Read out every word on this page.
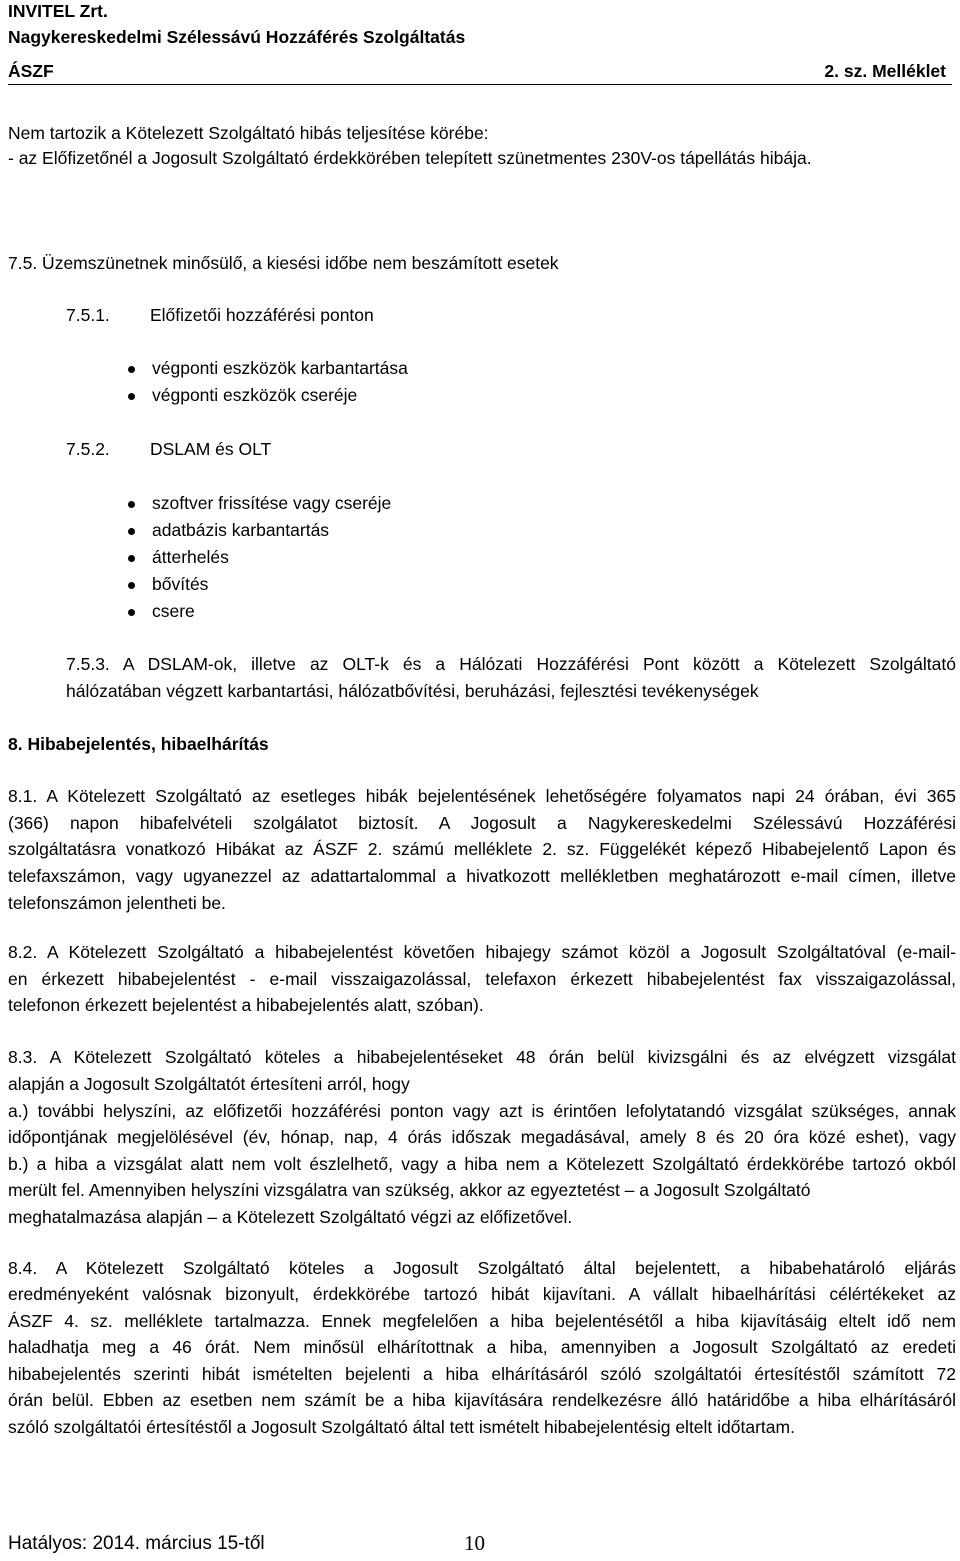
INVITEL Zrt.
Nagykereskedelmi Szélessávú Hozzáférés Szolgáltatás
ÁSZF	2. sz. Melléklet
Nem tartozik a Kötelezett Szolgáltató hibás teljesítése körébe:
- az Előfizetőnél a Jogosult Szolgáltató érdekkörében telepített szünetmentes 230V-os tápellátás hibája.
7.5. Üzemszünetnek minősülő, a kiesési időbe nem beszámított esetek
7.5.1. Előfizetői hozzáférési ponton
végponti eszközök karbantartása
végponti eszközök cseréje
7.5.2. DSLAM és OLT
szoftver frissítése vagy cseréje
adatbázis karbantartás
átterhelés
bővítés
csere
7.5.3. A DSLAM-ok, illetve az OLT-k és a Hálózati Hozzáférési Pont között a Kötelezett Szolgáltató
hálózatában végzett karbantartási, hálózatbővítési, beruházási, fejlesztési tevékenységek
8. Hibabejelentés, hibaelhárítás
8.1. A Kötelezett Szolgáltató az esetleges hibák bejelentésének lehetőségére folyamatos napi 24 órában, évi 365
(366) napon hibafelvételi szolgálatot biztosít. A Jogosult a Nagykereskedelmi Szélessávú Hozzáférési
szolgáltatásra vonatkozó Hibákat az ÁSZF 2. számú melléklete 2. sz. Függelékét képező Hibabejelentő Lapon és
telefaxszámon, vagy ugyanezzel az adattartalommal a hivatkozott mellékletben meghatározott e-mail címen, illetve
telefonszámon jelentheti be.
8.2. A Kötelezett Szolgáltató a hibabejelentést követően hibajegy számot közöl a Jogosult Szolgáltatóval (e-mail-
en érkezett hibabejelentést - e-mail visszaigazolással, telefaxon érkezett hibabejelentést fax visszaigazolással,
telefonon érkezett bejelentést a hibabejelentés alatt, szóban).
8.3. A Kötelezett Szolgáltató köteles a hibabejelentéseket 48 órán belül kivizsgálni és az elvégzett vizsgálat
alapján a Jogosult Szolgáltatót értesíteni arról, hogy
a.) további helyszíni, az előfizetői hozzáférési ponton vagy azt is érintően lefolytatandó vizsgálat szükséges, annak
időpontjának megjelölésével (év, hónap, nap, 4 órás időszak megadásával, amely 8 és 20 óra közé eshet), vagy
b.) a hiba a vizsgálat alatt nem volt észlelhető, vagy a hiba nem a Kötelezett Szolgáltató érdekkörébe tartozó okból
merült fel. Amennyiben helyszíni vizsgálatra van szükség, akkor az egyeztetést – a Jogosult Szolgáltató
meghatalmazása alapján – a Kötelezett Szolgáltató végzi az előfizetővel.
8.4. A Kötelezett Szolgáltató köteles a Jogosult Szolgáltató által bejelentett, a hibabehatároló eljárás
eredményeként valósnak bizonyult, érdekkörébe tartozó hibát kijavítani. A vállalt hibaelhárítási célértékeket az
ÁSZF 4. sz. melléklete tartalmazza. Ennek megfelelően a hiba bejelentésétől a hiba kijavításáig eltelt idő nem
haladhatja meg a 46 órát. Nem minősül elhárítottnak a hiba, amennyiben a Jogosult Szolgáltató az eredeti
hibabejelentés szerinti hibát ismételten bejelenti a hiba elhárításáról szóló szolgáltatói értesítéstől számított 72
órán belül. Ebben az esetben nem számít be a hiba kijavítására rendelkezésre álló határidőbe a hiba elhárításáról
szóló szolgáltatói értesítéstől a Jogosult Szolgáltató által tett ismételt hibabejelentésig eltelt időtartam.
Hatályos: 2014. március 15-től	10
